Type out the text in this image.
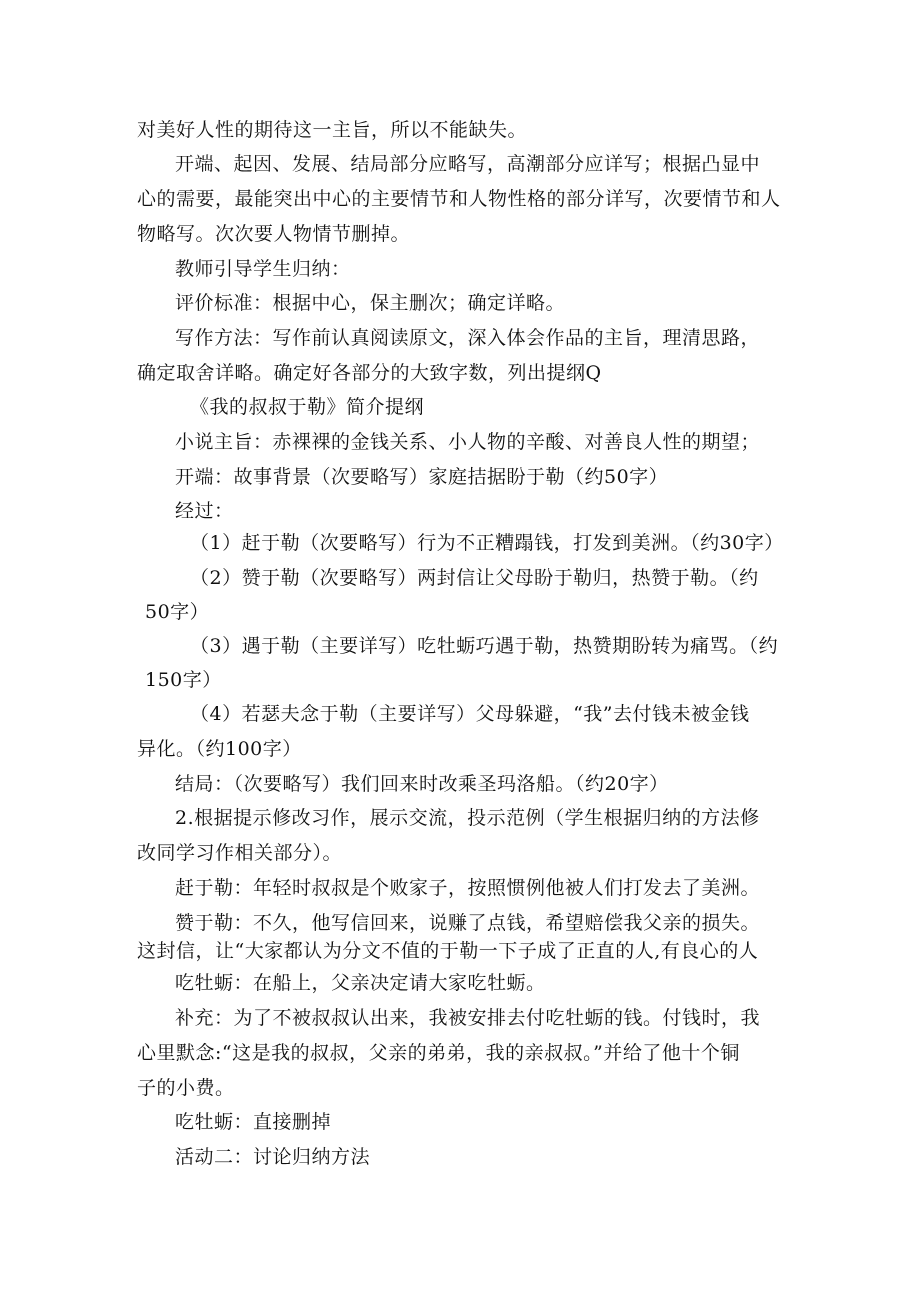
对美好人性的期待这一主旨，所以不能缺失。
开端、起因、发展、结局部分应略写，高潮部分应详写；根据凸显中
心的需要，最能突出中心的主要情节和人物性格的部分详写，次要情节和人
物略写。次次要人物情节删掉。
教师引导学生归纳：
评价标准：根据中心，保主删次；确定详略。
写作方法：写作前认真阅读原文，深入体会作品的主旨，理清思路，
确定取舍详略。确定好各部分的大致字数，列出提纲Q
《我的叔叔于勒》简介提纲
小说主旨：赤裸裸的金钱关系、小人物的辛酸、对善良人性的期望；
开端：故事背景（次要略写）家庭拮据盼于勒（约50字）
经过：
（1）赶于勒（次要略写）行为不正糟蹋钱，打发到美洲。（约30字）
（2）赞于勒（次要略写）两封信让父母盼于勒归，热赞于勒。（约
50字）
（3）遇于勒（主要详写）吃牡蛎巧遇于勒，热赞期盼转为痛骂。（约
150字）
（4）若瑟夫念于勒（主要详写）父母躲避，“我”去付钱未被金钱
异化。（约100字）
结局：（次要略写）我们回来时改乘圣玛洛船。（约20字）
2.根据提示修改习作，展示交流，投示范例（学生根据归纳的方法修
改同学习作相关部分）。
赶于勒：年轻时叔叔是个败家子，按照惯例他被人们打发去了美洲。
赞于勒：不久，他写信回来，说赚了点钱，希望赔偿我父亲的损失。
这封信，让“大家都认为分文不值的于勒一下子成了正直的人,有良心的人
吃牡蛎：在船上，父亲决定请大家吃牡蛎。
补充：为了不被叔叔认出来，我被安排去付吃牡蛎的钱。付钱时，我
心里默念:“这是我的叔叔，父亲的弟弟，我的亲叔叔。”并给了他十个铜
子的小费。
吃牡蛎：直接删掉
活动二：讨论归纳方法
